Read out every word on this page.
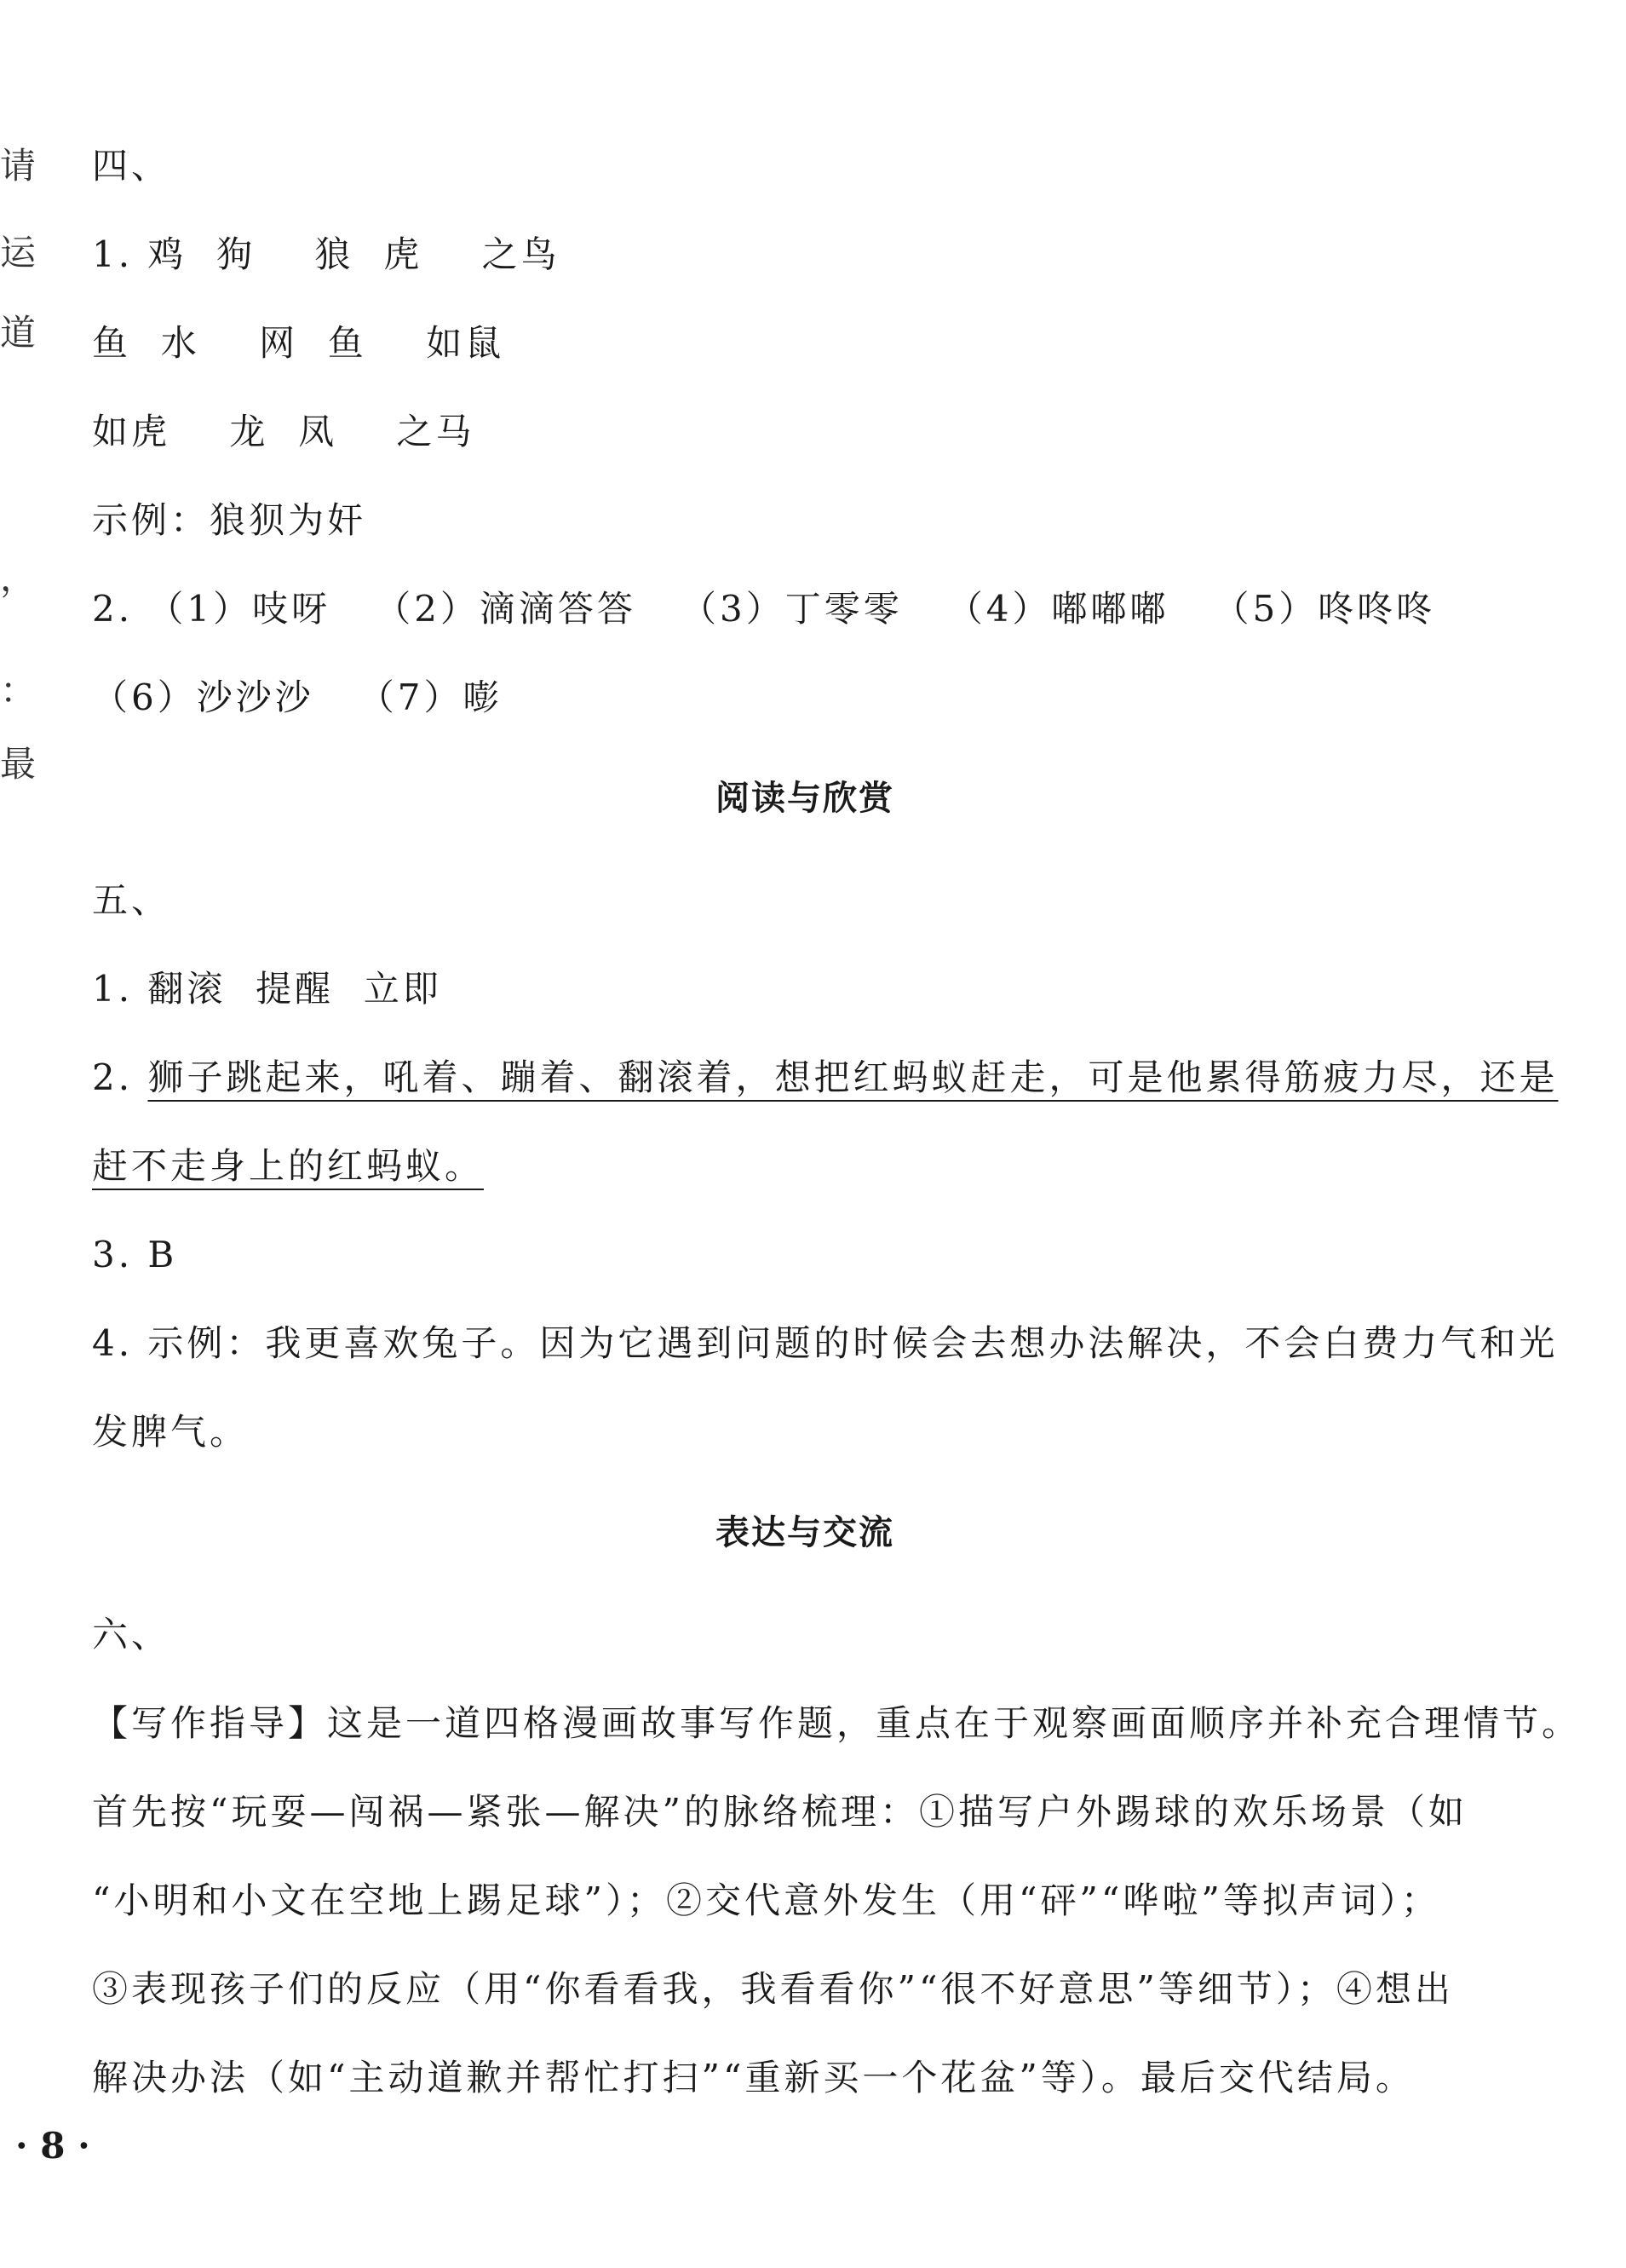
请
运
道
，
：
最
四、
1. 鸡  狗    狼  虎    之鸟
鱼  水    网  鱼    如鼠
如虎    龙  凤    之马
示例：狼狈为奸
2. （1）吱呀   （2）滴滴答答   （3）丁零零   （4）嘟嘟嘟   （5）咚咚咚
（6）沙沙沙   （7）嘭
阅读与欣赏
五、
1. 翻滚  提醒  立即
2. 狮子跳起来，吼着、蹦着、翻滚着，想把红蚂蚁赶走，可是他累得筋疲力尽，还是
赶不走身上的红蚂蚁。
3. B
4. 示例：我更喜欢兔子。因为它遇到问题的时候会去想办法解决，不会白费力气和光
发脾气。
表达与交流
六、
【写作指导】这是一道四格漫画故事写作题，重点在于观察画面顺序并补充合理情节。
首先按“玩耍—闯祸—紧张—解决”的脉络梳理：①描写户外踢球的欢乐场景（如
“小明和小文在空地上踢足球”）；②交代意外发生（用“砰”“哗啦”等拟声词）；
③表现孩子们的反应（用“你看看我，我看看你”“很不好意思”等细节）；④想出
解决办法（如“主动道歉并帮忙打扫”“重新买一个花盆”等）。最后交代结局。
· 8 ·
